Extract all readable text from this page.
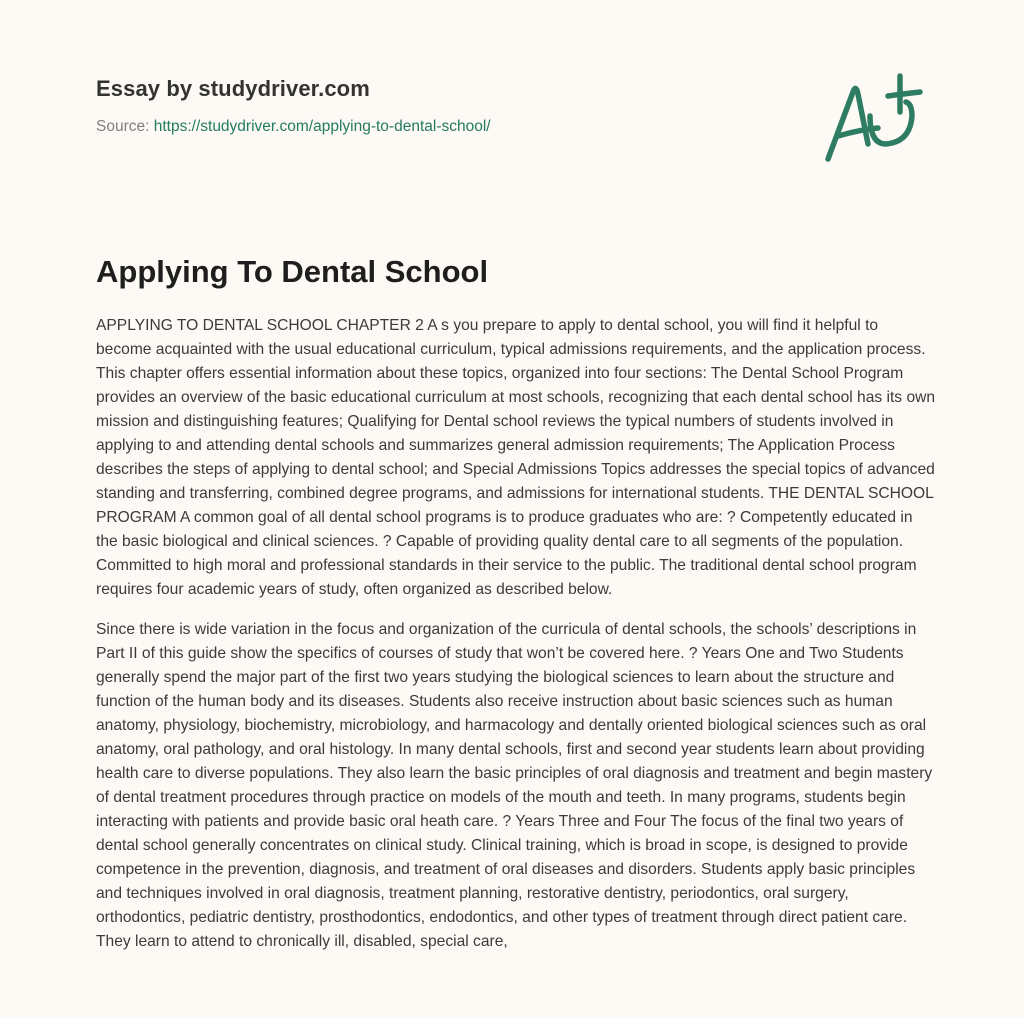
Essay by studydriver.com
Source: https://studydriver.com/applying-to-dental-school/
Applying To Dental School

APPLYING TO DENTAL SCHOOL CHAPTER 2 A s you prepare to apply to dental school, you will find it helpful to become acquainted with the usual educational curriculum, typical admissions requirements, and the application process. This chapter offers essential information about these topics, organized into four sections: The Dental School Program provides an overview of the basic educational curriculum at most schools, recognizing that each dental school has its own mission and distinguishing features; Qualifying for Dental school reviews the typical numbers of students involved in applying to and attending dental schools and summarizes general admission requirements; The Application Process describes the steps of applying to dental school; and Special Admissions Topics addresses the special topics of advanced standing and transferring, combined degree programs, and admissions for international students. THE DENTAL SCHOOL PROGRAM A common goal of all dental school programs is to produce graduates who are: ? Competently educated in the basic biological and clinical sciences. ? Capable of providing quality dental care to all segments of the population. Committed to high moral and professional standards in their service to the public. The traditional dental school program requires four academic years of study, often organized as described below.

Since there is wide variation in the focus and organization of the curricula of dental schools, the schools’ descriptions in Part II of this guide show the specifics of courses of study that won’t be covered here. ? Years One and Two Students generally spend the major part of the first two years studying the biological sciences to learn about the structure and function of the human body and its diseases. Students also receive instruction about basic sciences such as human anatomy, physiology, biochemistry, microbiology, and harmacology and dentally oriented biological sciences such as oral anatomy, oral pathology, and oral histology. In many dental schools, first and second year students learn about providing health care to diverse populations. They also learn the basic principles of oral diagnosis and treatment and begin mastery of dental treatment procedures through practice on models of the mouth and teeth. In many programs, students begin interacting with patients and provide basic oral heath care. ? Years Three and Four The focus of the final two years of dental school generally concentrates on clinical study. Clinical training, which is broad in scope, is designed to provide competence in the prevention, diagnosis, and treatment of oral diseases and disorders. Students apply basic principles and techniques involved in oral diagnosis, treatment planning, restorative dentistry, periodontics, oral surgery, orthodontics, pediatric dentistry, prosthodontics, endodontics, and other types of treatment through direct patient care. They learn to attend to chronically ill, disabled, special care,
